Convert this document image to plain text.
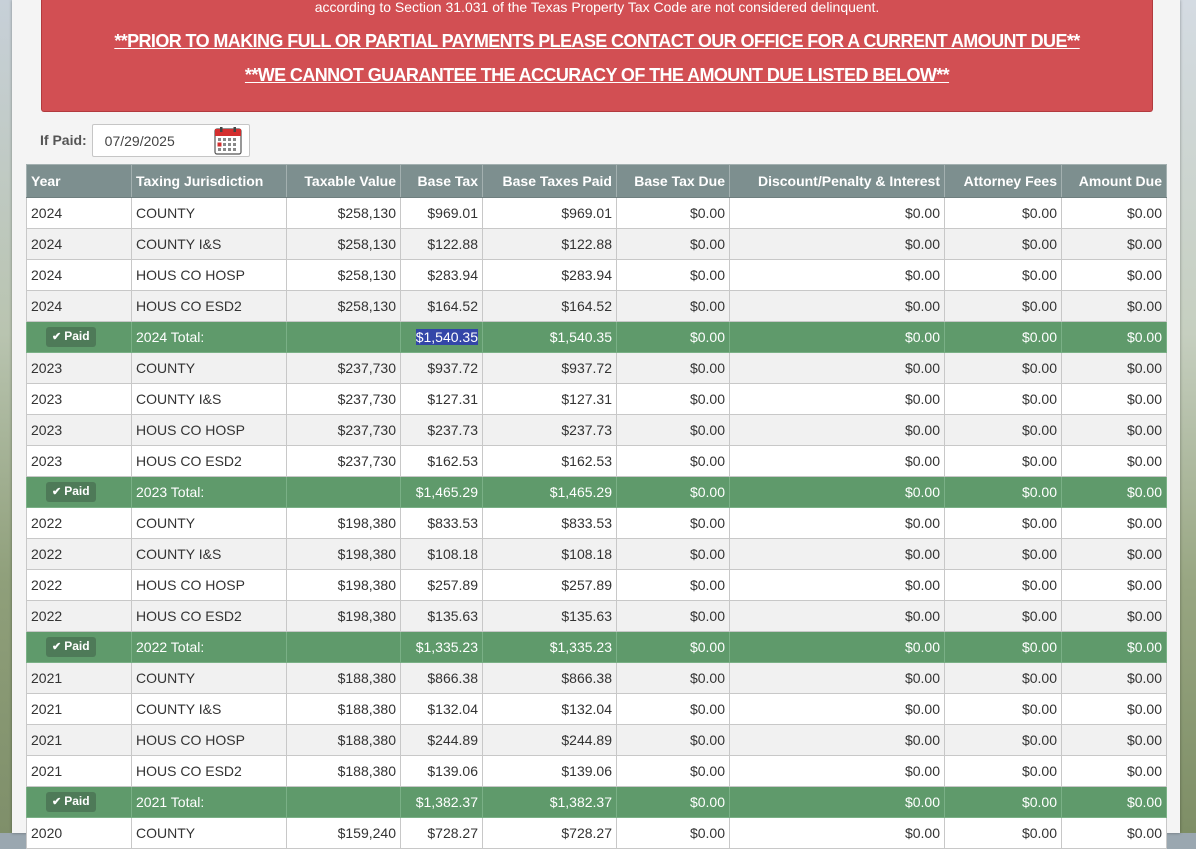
according to Section 31.031 of the Texas Property Tax Code are not considered delinquent.
**PRIOR TO MAKING FULL OR PARTIAL PAYMENTS PLEASE CONTACT OUR OFFICE FOR A CURRENT AMOUNT DUE**
**WE CANNOT GUARANTEE THE ACCURACY OF THE AMOUNT DUE LISTED BELOW**
If Paid:
07/29/2025
Year	Taxing Jurisdiction	Taxable Value	Base Tax	Base Taxes Paid	Base Tax Due	Discount/Penalty & Interest	Attorney Fees	Amount Due
2024	COUNTY	$258,130	$969.01	$969.01	$0.00	$0.00	$0.00	$0.00
2024	COUNTY I&S	$258,130	$122.88	$122.88	$0.00	$0.00	$0.00	$0.00
2024	HOUS CO HOSP	$258,130	$283.94	$283.94	$0.00	$0.00	$0.00	$0.00
2024	HOUS CO ESD2	$258,130	$164.52	$164.52	$0.00	$0.00	$0.00	$0.00
✔ Paid	2024 Total:		$1,540.35	$1,540.35	$0.00	$0.00	$0.00	$0.00
2023	COUNTY	$237,730	$937.72	$937.72	$0.00	$0.00	$0.00	$0.00
2023	COUNTY I&S	$237,730	$127.31	$127.31	$0.00	$0.00	$0.00	$0.00
2023	HOUS CO HOSP	$237,730	$237.73	$237.73	$0.00	$0.00	$0.00	$0.00
2023	HOUS CO ESD2	$237,730	$162.53	$162.53	$0.00	$0.00	$0.00	$0.00
✔ Paid	2023 Total:		$1,465.29	$1,465.29	$0.00	$0.00	$0.00	$0.00
2022	COUNTY	$198,380	$833.53	$833.53	$0.00	$0.00	$0.00	$0.00
2022	COUNTY I&S	$198,380	$108.18	$108.18	$0.00	$0.00	$0.00	$0.00
2022	HOUS CO HOSP	$198,380	$257.89	$257.89	$0.00	$0.00	$0.00	$0.00
2022	HOUS CO ESD2	$198,380	$135.63	$135.63	$0.00	$0.00	$0.00	$0.00
✔ Paid	2022 Total:		$1,335.23	$1,335.23	$0.00	$0.00	$0.00	$0.00
2021	COUNTY	$188,380	$866.38	$866.38	$0.00	$0.00	$0.00	$0.00
2021	COUNTY I&S	$188,380	$132.04	$132.04	$0.00	$0.00	$0.00	$0.00
2021	HOUS CO HOSP	$188,380	$244.89	$244.89	$0.00	$0.00	$0.00	$0.00
2021	HOUS CO ESD2	$188,380	$139.06	$139.06	$0.00	$0.00	$0.00	$0.00
✔ Paid	2021 Total:		$1,382.37	$1,382.37	$0.00	$0.00	$0.00	$0.00
2020	COUNTY	$159,240	$728.27	$728.27	$0.00	$0.00	$0.00	$0.00
